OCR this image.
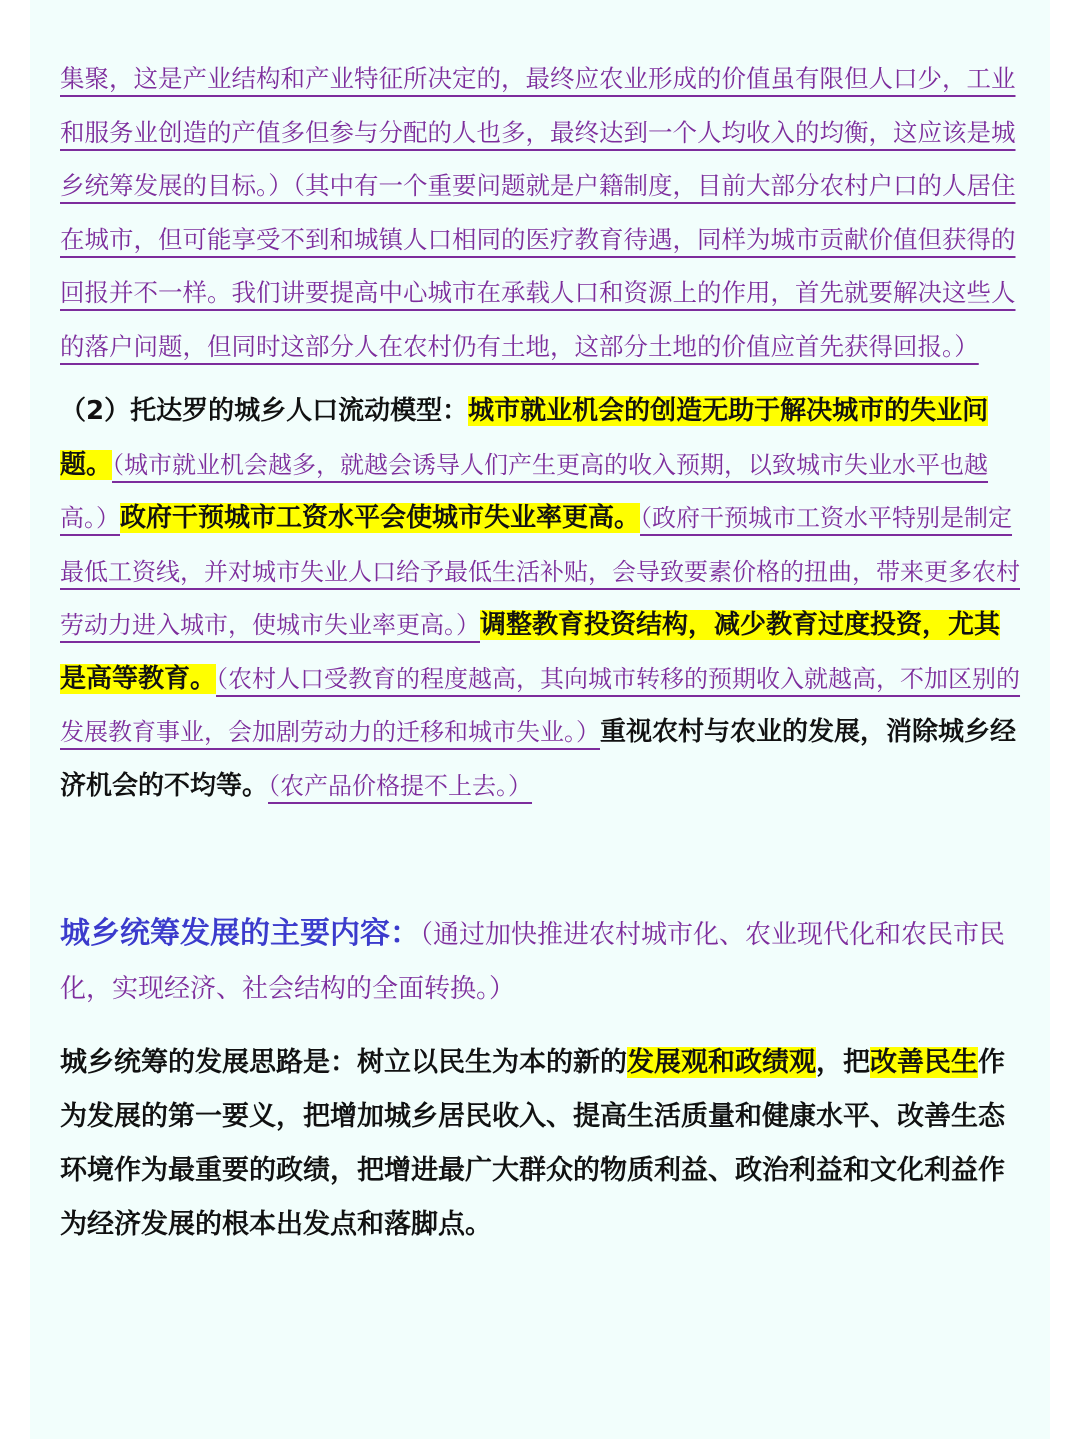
集聚，这是产业结构和产业特征所决定的，最终应农业形成的价值虽有限但人口少，工业和服务业创造的产值多但参与分配的人也多，最终达到一个人均收入的均衡，这应该是城乡统筹发展的目标。）（其中有一个重要问题就是户籍制度，目前大部分农村户口的人居住在城市，但可能享受不到和城镇人口相同的医疗教育待遇，同样为城市贡献价值但获得的回报并不一样。我们讲要提高中心城市在承载人口和资源上的作用，首先就要解决这些人的落户问题，但同时这部分人在农村仍有土地，这部分土地的价值应首先获得回报。）

（2）托达罗的城乡人口流动模型：城市就业机会的创造无助于解决城市的失业问题。（城市就业机会越多，就越会诱导人们产生更高的收入预期，以致城市失业水平也越高。）政府干预城市工资水平会使城市失业率更高。（政府干预城市工资水平特别是制定最低工资线，并对城市失业人口给予最低生活补贴，会导致要素价格的扭曲，带来更多农村劳动力进入城市，使城市失业率更高。）调整教育投资结构，减少教育过度投资，尤其是高等教育。（农村人口受教育的程度越高，其向城市转移的预期收入就越高，不加区别的发展教育事业，会加剧劳动力的迁移和城市失业。）重视农村与农业的发展，消除城乡经济机会的不均等。（农产品价格提不上去。）

城乡统筹发展的主要内容：（通过加快推进农村城市化、农业现代化和农民市民化，实现经济、社会结构的全面转换。）

城乡统筹的发展思路是：树立以民生为本的新的发展观和政绩观，把改善民生作为发展的第一要义，把增加城乡居民收入、提高生活质量和健康水平、改善生态环境作为最重要的政绩，把增进最广大群众的物质利益、政治利益和文化利益作为经济发展的根本出发点和落脚点。
